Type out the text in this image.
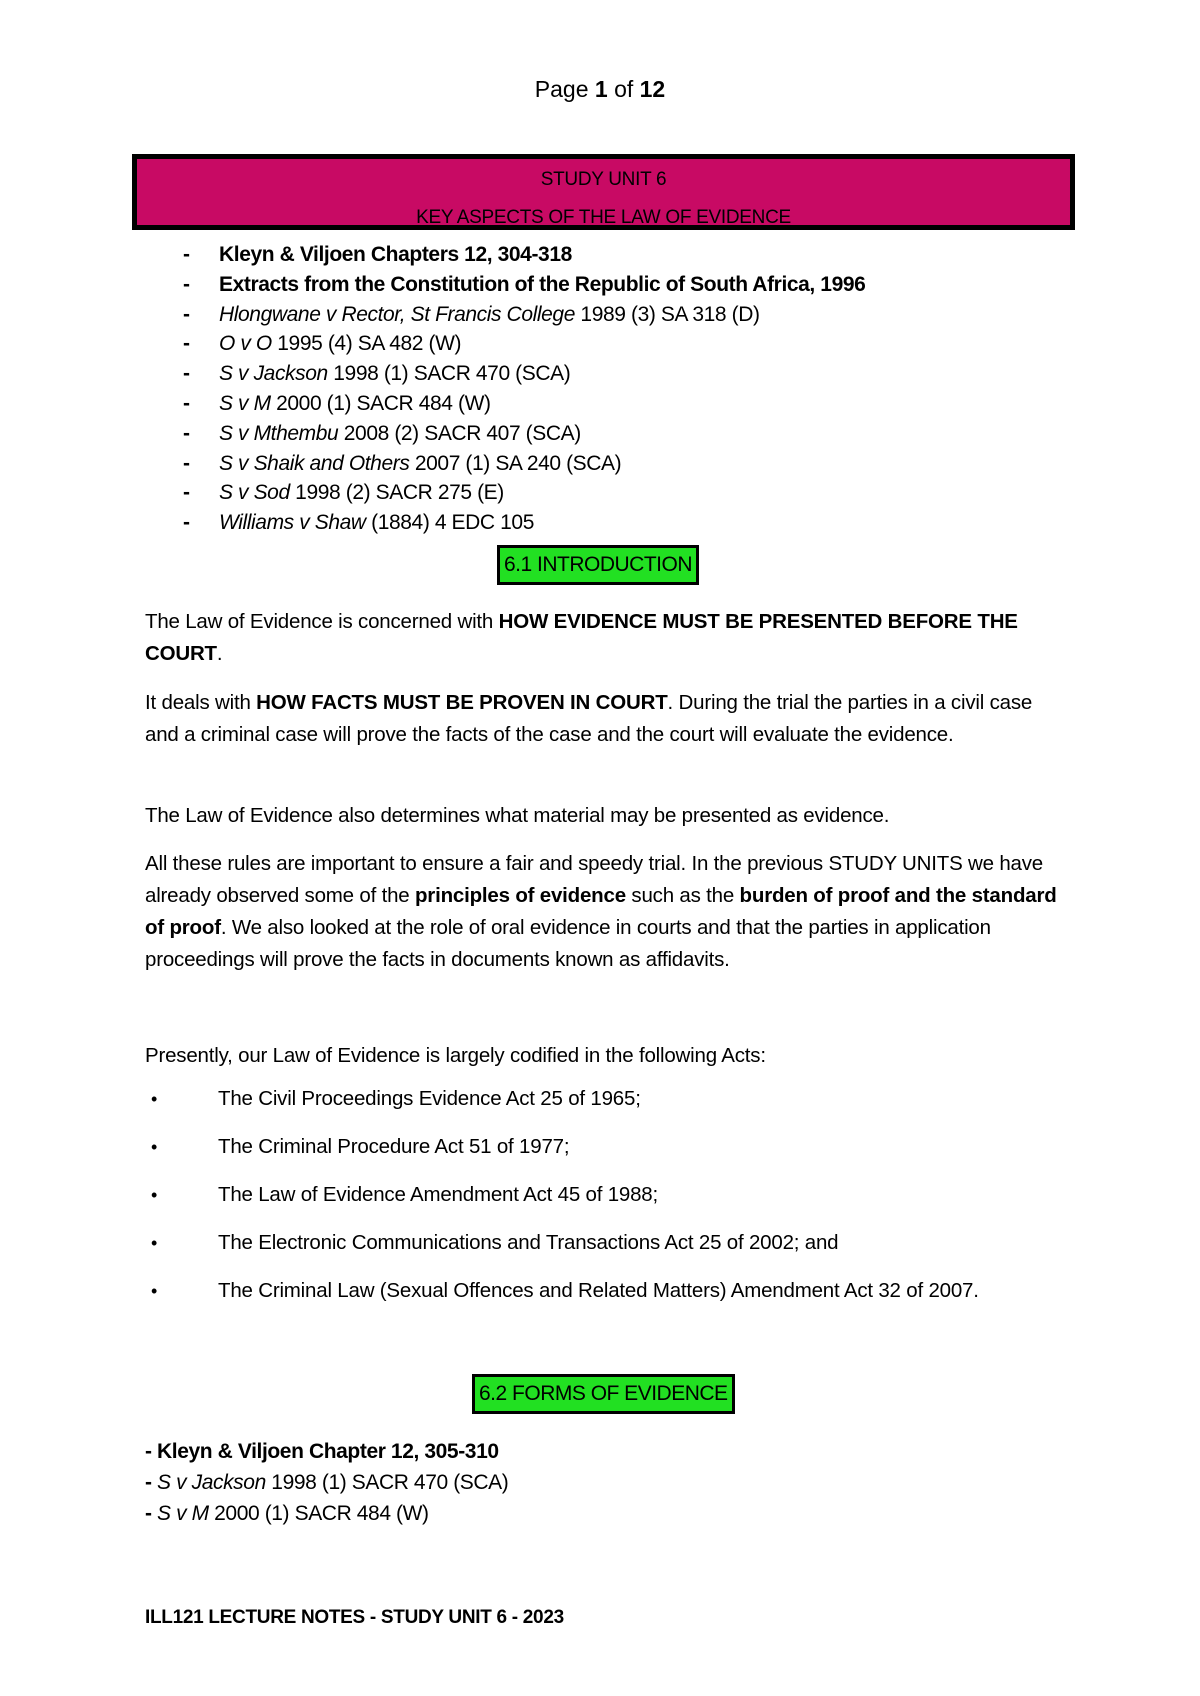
Page 1 of 12
STUDY UNIT 6
KEY ASPECTS OF THE LAW OF EVIDENCE
- Kleyn & Viljoen Chapters 12, 304-318
- Extracts from the Constitution of the Republic of South Africa, 1996
- Hlongwane v Rector, St Francis College 1989 (3) SA 318 (D)
- O v O 1995 (4) SA 482 (W)
- S v Jackson 1998 (1) SACR 470 (SCA)
- S v M 2000 (1) SACR 484 (W)
- S v Mthembu 2008 (2) SACR 407 (SCA)
- S v Shaik and Others 2007 (1) SA 240 (SCA)
- S v Sod 1998 (2) SACR 275 (E)
- Williams v Shaw (1884) 4 EDC 105
6.1 INTRODUCTION

The Law of Evidence is concerned with HOW EVIDENCE MUST BE PRESENTED BEFORE THE COURT.

It deals with HOW FACTS MUST BE PROVEN IN COURT. During the trial the parties in a civil case and a criminal case will prove the facts of the case and the court will evaluate the evidence.

The Law of Evidence also determines what material may be presented as evidence.

All these rules are important to ensure a fair and speedy trial. In the previous STUDY UNITS we have already observed some of the principles of evidence such as the burden of proof and the standard of proof. We also looked at the role of oral evidence in courts and that the parties in application proceedings will prove the facts in documents known as affidavits.

Presently, our Law of Evidence is largely codified in the following Acts:

•	The Civil Proceedings Evidence Act 25 of 1965;
•	The Criminal Procedure Act 51 of 1977;
•	The Law of Evidence Amendment Act 45 of 1988;
•	The Electronic Communications and Transactions Act 25 of 2002; and
•	The Criminal Law (Sexual Offences and Related Matters) Amendment Act 32 of 2007.
6.2 FORMS OF EVIDENCE
- Kleyn & Viljoen Chapter 12, 305-310
- S v Jackson 1998 (1) SACR 470 (SCA)
- S v M 2000 (1) SACR 484 (W)
ILL121 LECTURE NOTES - STUDY UNIT 6 - 2023
